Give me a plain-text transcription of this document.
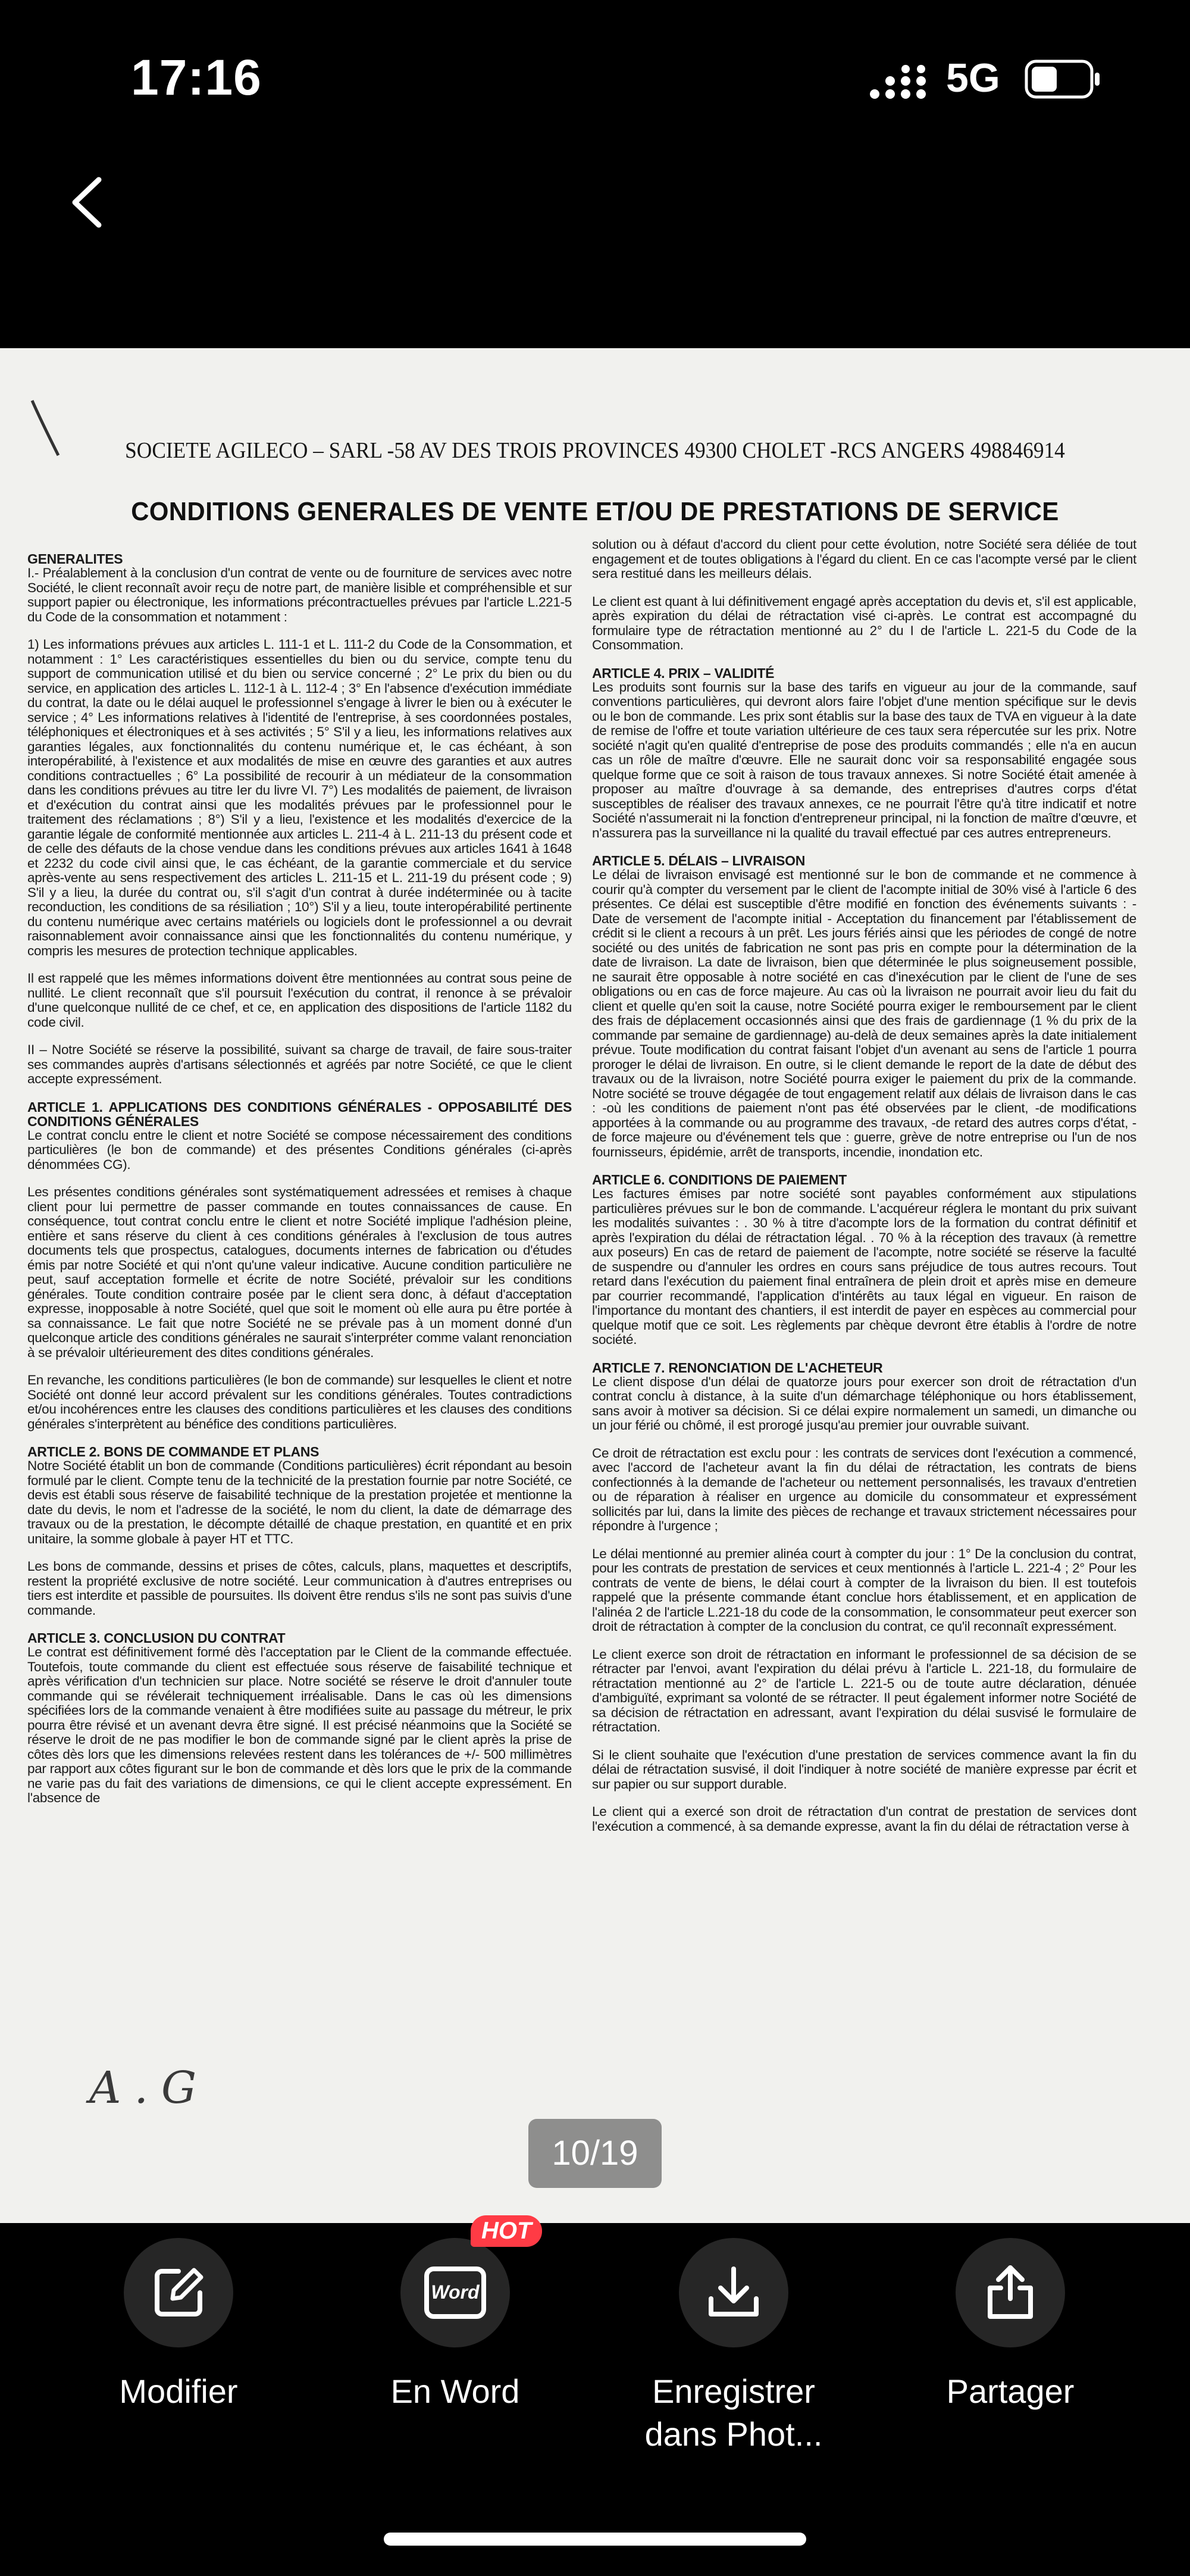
17:16	5G
SOCIETE AGILECO – SARL -58 AV DES TROIS PROVINCES 49300 CHOLET -RCS ANGERS 498846914
CONDITIONS GENERALES DE VENTE ET/OU DE PRESTATIONS DE SERVICE

GENERALITES
I.- Préalablement à la conclusion d'un contrat de vente ou de fourniture de services avec notre Société, le client reconnaît avoir reçu de notre part, de manière lisible et compréhensible et sur support papier ou électronique, les informations précontractuelles prévues par l'article L.221-5 du Code de la consommation et notamment :

1) Les informations prévues aux articles L. 111-1 et L. 111-2 du Code de la Consommation, et notamment : 1° Les caractéristiques essentielles du bien ou du service, compte tenu du support de communication utilisé et du bien ou service concerné ; 2° Le prix du bien ou du service, en application des articles L. 112-1 à L. 112-4 ; 3° En l'absence d'exécution immédiate du contrat, la date ou le délai auquel le professionnel s'engage à livrer le bien ou à exécuter le service ; 4° Les informations relatives à l'identité de l'entreprise, à ses coordonnées postales, téléphoniques et électroniques et à ses activités ; 5° S'il y a lieu, les informations relatives aux garanties légales, aux fonctionnalités du contenu numérique et, le cas échéant, à son interopérabilité, à l'existence et aux modalités de mise en œuvre des garanties et aux autres conditions contractuelles ; 6° La possibilité de recourir à un médiateur de la consommation dans les conditions prévues au titre Ier du livre VI. 7°) Les modalités de paiement, de livraison et d'exécution du contrat ainsi que les modalités prévues par le professionnel pour le traitement des réclamations ; 8°) S'il y a lieu, l'existence et les modalités d'exercice de la garantie légale de conformité mentionnée aux articles L. 211-4 à L. 211-13 du présent code et de celle des défauts de la chose vendue dans les conditions prévues aux articles 1641 à 1648 et 2232 du code civil ainsi que, le cas échéant, de la garantie commerciale et du service après-vente au sens respectivement des articles L. 211-15 et L. 211-19 du présent code ; 9) S'il y a lieu, la durée du contrat ou, s'il s'agit d'un contrat à durée indéterminée ou à tacite reconduction, les conditions de sa résiliation ; 10°) S'il y a lieu, toute interopérabilité pertinente du contenu numérique avec certains matériels ou logiciels dont le professionnel a ou devrait raisonnablement avoir connaissance ainsi que les fonctionnalités du contenu numérique, y compris les mesures de protection technique applicables.

Il est rappelé que les mêmes informations doivent être mentionnées au contrat sous peine de nullité. Le client reconnaît que s'il poursuit l'exécution du contrat, il renonce à se prévaloir d'une quelconque nullité de ce chef, et ce, en application des dispositions de l'article 1182 du code civil.

II – Notre Société se réserve la possibilité, suivant sa charge de travail, de faire sous-traiter ses commandes auprès d'artisans sélectionnés et agréés par notre Société, ce que le client accepte expressément.

ARTICLE 1. APPLICATIONS DES CONDITIONS GÉNÉRALES - OPPOSABILITÉ DES CONDITIONS GÉNÉRALES
Le contrat conclu entre le client et notre Société se compose nécessairement des conditions particulières (le bon de commande) et des présentes Conditions générales (ci-après dénommées CG).

Les présentes conditions générales sont systématiquement adressées et remises à chaque client pour lui permettre de passer commande en toutes connaissances de cause. En conséquence, tout contrat conclu entre le client et notre Société implique l'adhésion pleine, entière et sans réserve du client à ces conditions générales à l'exclusion de tous autres documents tels que prospectus, catalogues, documents internes de fabrication ou d'études émis par notre Société et qui n'ont qu'une valeur indicative. Aucune condition particulière ne peut, sauf acceptation formelle et écrite de notre Société, prévaloir sur les conditions générales. Toute condition contraire posée par le client sera donc, à défaut d'acceptation expresse, inopposable à notre Société, quel que soit le moment où elle aura pu être portée à sa connaissance. Le fait que notre Société ne se prévale pas à un moment donné d'un quelconque article des conditions générales ne saurait s'interpréter comme valant renonciation à se prévaloir ultérieurement des dites conditions générales.

En revanche, les conditions particulières (le bon de commande) sur lesquelles le client et notre Société ont donné leur accord prévalent sur les conditions générales. Toutes contradictions et/ou incohérences entre les clauses des conditions particulières et les clauses des conditions générales s'interprètent au bénéfice des conditions particulières.

ARTICLE 2. BONS DE COMMANDE ET PLANS
Notre Société établit un bon de commande (Conditions particulières) écrit répondant au besoin formulé par le client. Compte tenu de la technicité de la prestation fournie par notre Société, ce devis est établi sous réserve de faisabilité technique de la prestation projetée et mentionne la date du devis, le nom et l'adresse de la société, le nom du client, la date de démarrage des travaux ou de la prestation, le décompte détaillé de chaque prestation, en quantité et en prix unitaire, la somme globale à payer HT et TTC.

Les bons de commande, dessins et prises de côtes, calculs, plans, maquettes et descriptifs, restent la propriété exclusive de notre société. Leur communication à d'autres entreprises ou tiers est interdite et passible de poursuites. Ils doivent être rendus s'ils ne sont pas suivis d'une commande.

ARTICLE 3. CONCLUSION DU CONTRAT
Le contrat est définitivement formé dès l'acceptation par le Client de la commande effectuée. Toutefois, toute commande du client est effectuée sous réserve de faisabilité technique et après vérification d'un technicien sur place. Notre société se réserve le droit d'annuler toute commande qui se révélerait techniquement irréalisable. Dans le cas où les dimensions spécifiées lors de la commande venaient à être modifiées suite au passage du métreur, le prix pourra être révisé et un avenant devra être signé. Il est précisé néanmoins que la Société se réserve le droit de ne pas modifier le bon de commande signé par le client après la prise de côtes dès lors que les dimensions relevées restent dans les tolérances de +/- 500 millimètres par rapport aux côtes figurant sur le bon de commande et dès lors que le prix de la commande ne varie pas du fait des variations de dimensions, ce qui le client accepte expressément. En l'absence de

solution ou à défaut d'accord du client pour cette évolution, notre Société sera déliée de tout engagement et de toutes obligations à l'égard du client. En ce cas l'acompte versé par le client sera restitué dans les meilleurs délais.

Le client est quant à lui définitivement engagé après acceptation du devis et, s'il est applicable, après expiration du délai de rétractation visé ci-après. Le contrat est accompagné du formulaire type de rétractation mentionné au 2° du I de l'article L. 221-5 du Code de la Consommation.

ARTICLE 4. PRIX – VALIDITÉ
Les produits sont fournis sur la base des tarifs en vigueur au jour de la commande, sauf conventions particulières, qui devront alors faire l'objet d'une mention spécifique sur le devis ou le bon de commande. Les prix sont établis sur la base des taux de TVA en vigueur à la date de remise de l'offre et toute variation ultérieure de ces taux sera répercutée sur les prix. Notre société n'agit qu'en qualité d'entreprise de pose des produits commandés ; elle n'a en aucun cas un rôle de maître d'œuvre. Elle ne saurait donc voir sa responsabilité engagée sous quelque forme que ce soit à raison de tous travaux annexes. Si notre Société était amenée à proposer au maître d'ouvrage à sa demande, des entreprises d'autres corps d'état susceptibles de réaliser des travaux annexes, ce ne pourrait l'être qu'à titre indicatif et notre Société n'assumerait ni la fonction d'entrepreneur principal, ni la fonction de maître d'œuvre, et n'assurera pas la surveillance ni la qualité du travail effectué par ces autres entrepreneurs.

ARTICLE 5. DÉLAIS – LIVRAISON
Le délai de livraison envisagé est mentionné sur le bon de commande et ne commence à courir qu'à compter du versement par le client de l'acompte initial de 30% visé à l'article 6 des présentes. Ce délai est susceptible d'être modifié en fonction des événements suivants : - Date de versement de l'acompte initial - Acceptation du financement par l'établissement de crédit si le client a recours à un prêt. Les jours fériés ainsi que les périodes de congé de notre société ou des unités de fabrication ne sont pas pris en compte pour la détermination de la date de livraison. La date de livraison, bien que déterminée le plus soigneusement possible, ne saurait être opposable à notre société en cas d'inexécution par le client de l'une de ses obligations ou en cas de force majeure. Au cas où la livraison ne pourrait avoir lieu du fait du client et quelle qu'en soit la cause, notre Société pourra exiger le remboursement par le client des frais de déplacement occasionnés ainsi que des frais de gardiennage (1 % du prix de la commande par semaine de gardiennage) au-delà de deux semaines après la date initialement prévue. Toute modification du contrat faisant l'objet d'un avenant au sens de l'article 1 pourra proroger le délai de livraison. En outre, si le client demande le report de la date de début des travaux ou de la livraison, notre Société pourra exiger le paiement du prix de la commande. Notre société se trouve dégagée de tout engagement relatif aux délais de livraison dans le cas : -où les conditions de paiement n'ont pas été observées par le client, -de modifications apportées à la commande ou au programme des travaux, -de retard des autres corps d'état, -de force majeure ou d'événement tels que : guerre, grève de notre entreprise ou l'un de nos fournisseurs, épidémie, arrêt de transports, incendie, inondation etc.

ARTICLE 6. CONDITIONS DE PAIEMENT
Les factures émises par notre société sont payables conformément aux stipulations particulières prévues sur le bon de commande. L'acquéreur réglera le montant du prix suivant les modalités suivantes : . 30 % à titre d'acompte lors de la formation du contrat définitif et après l'expiration du délai de rétractation légal. . 70 % à la réception des travaux (à remettre aux poseurs) En cas de retard de paiement de l'acompte, notre société se réserve la faculté de suspendre ou d'annuler les ordres en cours sans préjudice de tous autres recours. Tout retard dans l'exécution du paiement final entraînera de plein droit et après mise en demeure par courrier recommandé, l'application d'intérêts au taux légal en vigueur. En raison de l'importance du montant des chantiers, il est interdit de payer en espèces au commercial pour quelque motif que ce soit. Les règlements par chèque devront être établis à l'ordre de notre société.

ARTICLE 7. RENONCIATION DE L'ACHETEUR
Le client dispose d'un délai de quatorze jours pour exercer son droit de rétractation d'un contrat conclu à distance, à la suite d'un démarchage téléphonique ou hors établissement, sans avoir à motiver sa décision. Si ce délai expire normalement un samedi, un dimanche ou un jour férié ou chômé, il est prorogé jusqu'au premier jour ouvrable suivant.

Ce droit de rétractation est exclu pour : les contrats de services dont l'exécution a commencé, avec l'accord de l'acheteur avant la fin du délai de rétractation, les contrats de biens confectionnés à la demande de l'acheteur ou nettement personnalisés, les travaux d'entretien ou de réparation à réaliser en urgence au domicile du consommateur et expressément sollicités par lui, dans la limite des pièces de rechange et travaux strictement nécessaires pour répondre à l'urgence ;

Le délai mentionné au premier alinéa court à compter du jour : 1° De la conclusion du contrat, pour les contrats de prestation de services et ceux mentionnés à l'article L. 221-4 ; 2° Pour les contrats de vente de biens, le délai court à compter de la livraison du bien. Il est toutefois rappelé que la présente commande étant conclue hors établissement, et en application de l'alinéa 2 de l'article L.221-18 du code de la consommation, le consommateur peut exercer son droit de rétractation à compter de la conclusion du contrat, ce qu'il reconnaît expressément.

Le client exerce son droit de rétractation en informant le professionnel de sa décision de se rétracter par l'envoi, avant l'expiration du délai prévu à l'article L. 221-18, du formulaire de rétractation mentionné au 2° de l'article L. 221-5 ou de toute autre déclaration, dénuée d'ambiguïté, exprimant sa volonté de se rétracter. Il peut également informer notre Société de sa décision de rétractation en adressant, avant l'expiration du délai susvisé le formulaire de rétractation.

Si le client souhaite que l'exécution d'une prestation de services commence avant la fin du délai de rétractation susvisé, il doit l'indiquer à notre société de manière expresse par écrit et sur papier ou sur support durable.

Le client qui a exercé son droit de rétractation d'un contrat de prestation de services dont l'exécution a commencé, à sa demande expresse, avant la fin du délai de rétractation verse à

A.G
10/19
Modifier
Word
HOT
En Word	Enregistrer dans Phot...
Partager
